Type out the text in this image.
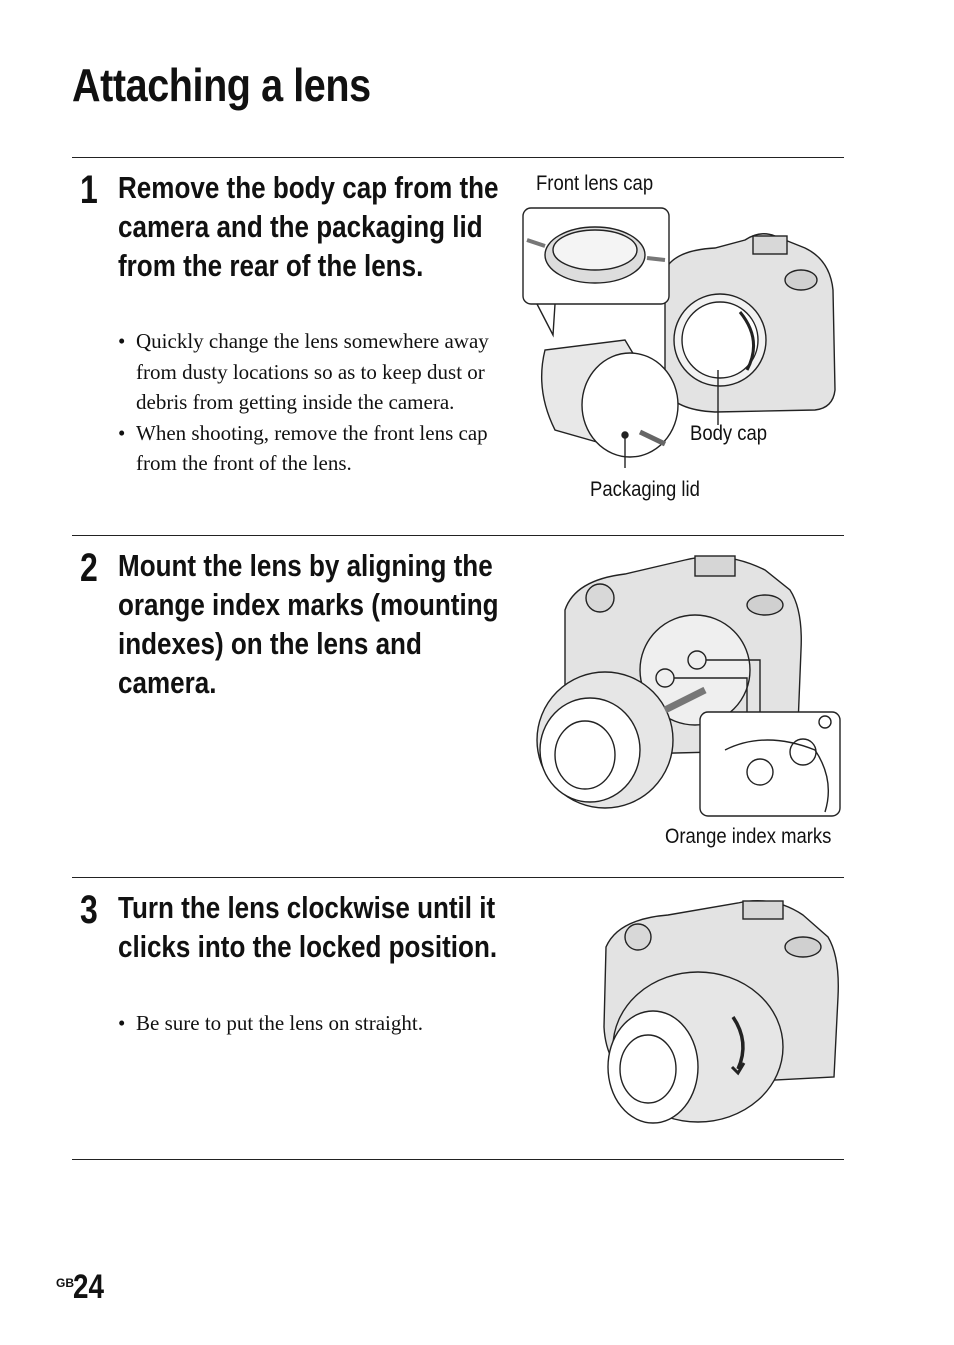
Attaching a lens
1 Remove the body cap from the camera and the packaging lid from the rear of the lens.
• Quickly change the lens somewhere away from dusty locations so as to keep dust or debris from getting inside the camera.
• When shooting, remove the front lens cap from the front of the lens.
Front lens cap
Body cap
Packaging lid
2 Mount the lens by aligning the orange index marks (mounting indexes) on the lens and camera.
Orange index marks
3 Turn the lens clockwise until it clicks into the locked position.
• Be sure to put the lens on straight.
GB 24
